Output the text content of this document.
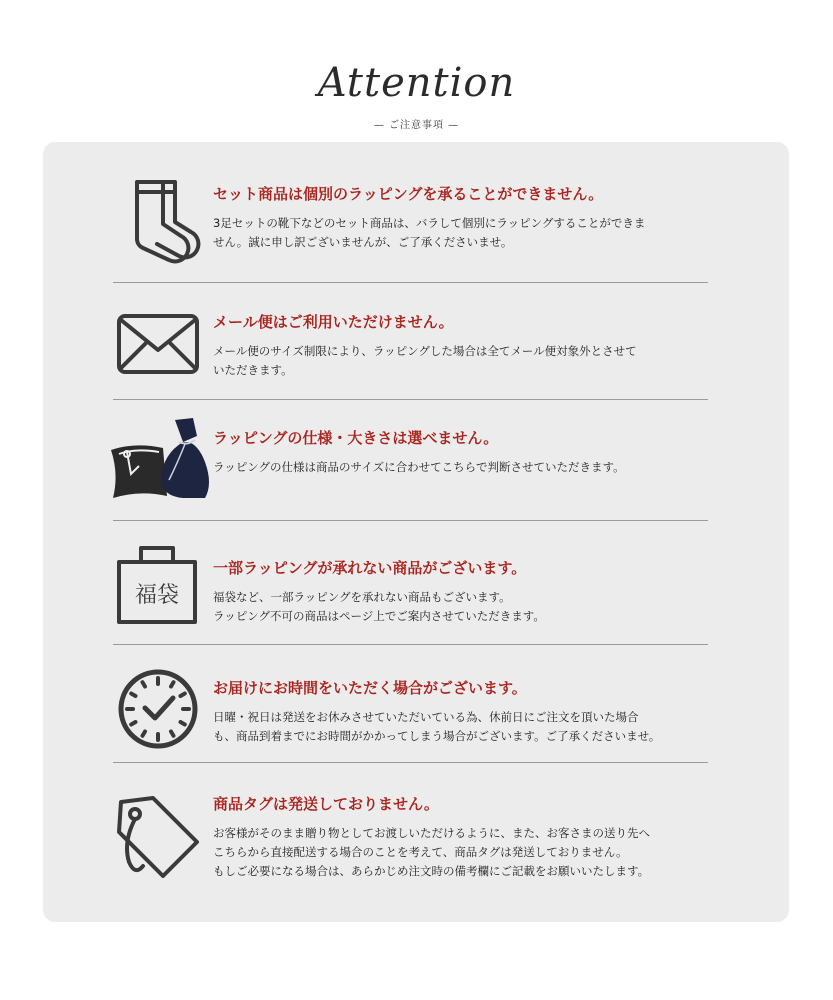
Attention
— ご注意事項 —

セット商品は個別のラッピングを承ることができません。

3足セットの靴下などのセット商品は、バラして個別にラッピングすることができま
せん。誠に申し訳ございませんが、ご了承くださいませ。

メール便はご利用いただけません。

メール便のサイズ制限により、ラッピングした場合は全てメール便対象外とさせて
いただきます。

ラッピングの仕様・大きさは選べません。

ラッピングの仕様は商品のサイズに合わせてこちらで判断させていただきます。

福袋

一部ラッピングが承れない商品がございます。

福袋など、一部ラッピングを承れない商品もございます。
ラッピング不可の商品はページ上でご案内させていただきます。

お届けにお時間をいただく場合がございます。

日曜・祝日は発送をお休みさせていただいている為、休前日にご注文を頂いた場合
も、商品到着までにお時間がかかってしまう場合がございます。ご了承くださいませ。

商品タグは発送しておりません。

お客様がそのまま贈り物としてお渡しいただけるように、また、お客さまの送り先へ
こちらから直接配送する場合のことを考えて、商品タグは発送しておりません。
もしご必要になる場合は、あらかじめ注文時の備考欄にご記載をお願いいたします。
